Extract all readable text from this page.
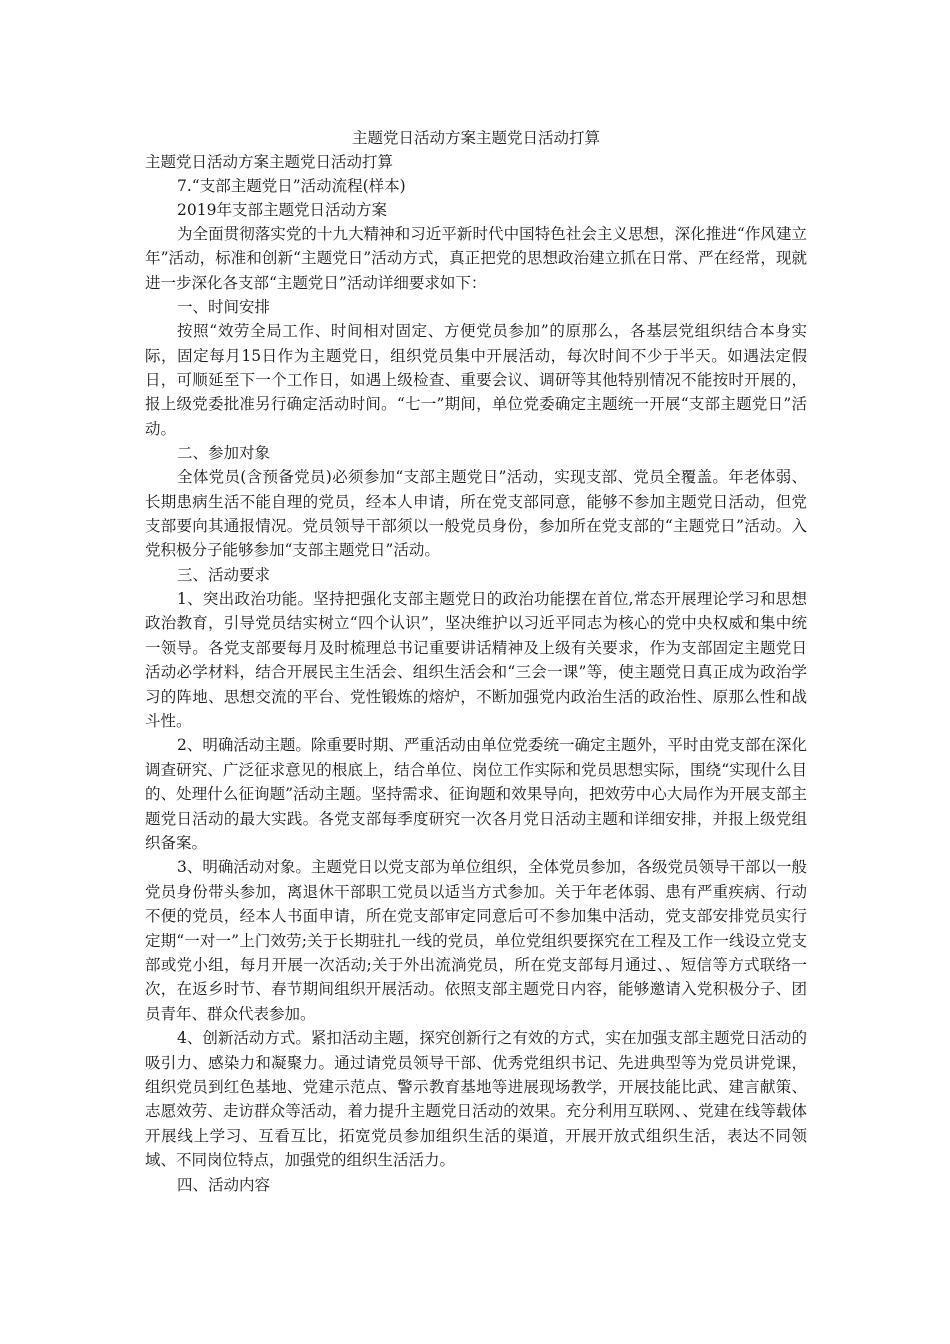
主题党日活动方案主题党日活动打算

主题党日活动方案主题党日活动打算

7.“支部主题党日”活动流程(样本)

2019年支部主题党日活动方案

为全面贯彻落实党的十九大精神和习近平新时代中国特色社会主义思想，深化推进“作风建立年”活动，标准和创新“主题党日”活动方式，真正把党的思想政治建立抓在日常、严在经常，现就进一步深化各支部“主题党日”活动详细要求如下：

一、时间安排

按照“效劳全局工作、时间相对固定、方便党员参加”的原那么，各基层党组织结合本身实际，固定每月15日作为主题党日，组织党员集中开展活动，每次时间不少于半天。如遇法定假日，可顺延至下一个工作日，如遇上级检查、重要会议、调研等其他特别情况不能按时开展的，报上级党委批准另行确定活动时间。“七一”期间，单位党委确定主题统一开展“支部主题党日”活动。

二、参加对象

全体党员(含预备党员)必须参加“支部主题党日”活动，实现支部、党员全覆盖。年老体弱、长期患病生活不能自理的党员，经本人申请，所在党支部同意，能够不参加主题党日活动，但党支部要向其通报情况。党员领导干部须以一般党员身份，参加所在党支部的“主题党日”活动。入党积极分子能够参加“支部主题党日”活动。

三、活动要求

1、突出政治功能。坚持把强化支部主题党日的政治功能摆在首位,常态开展理论学习和思想政治教育，引导党员结实树立“四个认识”，坚决维护以习近平同志为核心的党中央权威和集中统一领导。各党支部要每月及时梳理总书记重要讲话精神及上级有关要求，作为支部固定主题党日活动必学材料，结合开展民主生活会、组织生活会和“三会一课”等，使主题党日真正成为政治学习的阵地、思想交流的平台、党性锻炼的熔炉，不断加强党内政治生活的政治性、原那么性和战斗性。

2、明确活动主题。除重要时期、严重活动由单位党委统一确定主题外，平时由党支部在深化调查研究、广泛征求意见的根底上，结合单位、岗位工作实际和党员思想实际，围绕“实现什么目的、处理什么征询题”活动主题。坚持需求、征询题和效果导向，把效劳中心大局作为开展支部主题党日活动的最大实践。各党支部每季度研究一次各月党日活动主题和详细安排，并报上级党组织备案。

3、明确活动对象。主题党日以党支部为单位组织，全体党员参加，各级党员领导干部以一般党员身份带头参加，离退休干部职工党员以适当方式参加。关于年老体弱、患有严重疾病、行动不便的党员，经本人书面申请，所在党支部审定同意后可不参加集中活动，党支部安排党员实行定期“一对一”上门效劳;关于长期驻扎一线的党员，单位党组织要探究在工程及工作一线设立党支部或党小组，每月开展一次活动;关于外出流淌党员，所在党支部每月通过、、短信等方式联络一次，在返乡时节、春节期间组织开展活动。依照支部主题党日内容，能够邀请入党积极分子、团员青年、群众代表参加。

4、创新活动方式。紧扣活动主题，探究创新行之有效的方式，实在加强支部主题党日活动的吸引力、感染力和凝聚力。通过请党员领导干部、优秀党组织书记、先进典型等为党员讲党课，组织党员到红色基地、党建示范点、警示教育基地等进展现场教学，开展技能比武、建言献策、志愿效劳、走访群众等活动，着力提升主题党日活动的效果。充分利用互联网、、党建在线等载体开展线上学习、互看互比，拓宽党员参加组织生活的渠道，开展开放式组织生活，表达不同领域、不同岗位特点，加强党的组织生活活力。

四、活动内容
